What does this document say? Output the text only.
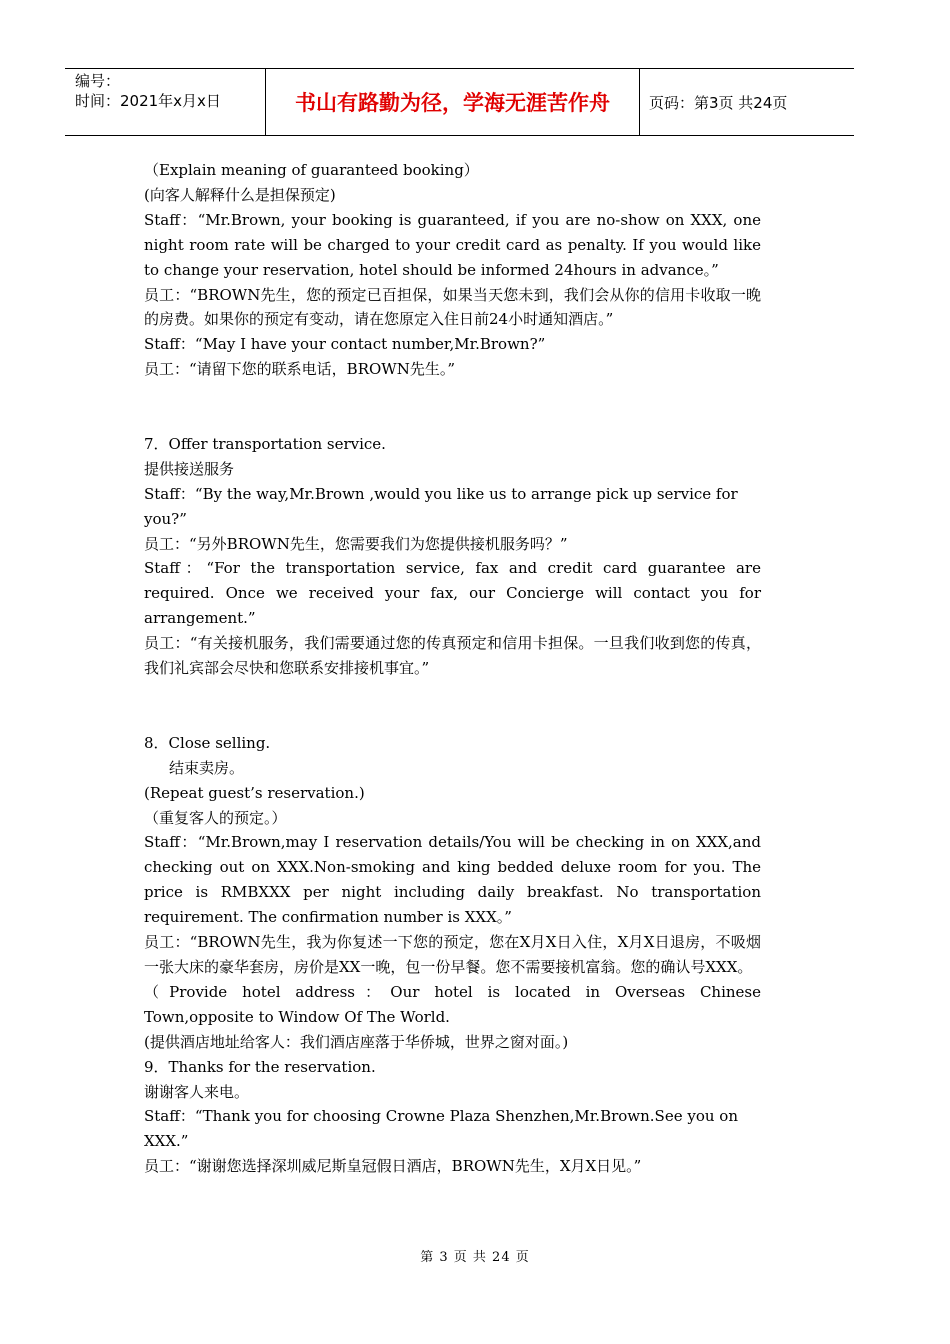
编号：
时间：2021年x月x日	书山有路勤为径，学海无涯苦作舟	页码：第3页 共24页

（Explain meaning of guaranteed booking）

(向客人解释什么是担保预定)

Staff：“Mr.Brown, your booking is guaranteed, if you are no-show on XXX, one night room rate will be charged to your credit card as penalty. If you would like to change your reservation, hotel should be informed 24hours in advance。”

员工：“BROWN先生，您的预定已百担保，如果当天您未到，我们会从你的信用卡收取一晚的房费。如果你的预定有变动，请在您原定入住日前24小时通知酒店。”

Staff：“May I have your contact number,Mr.Brown?”

员工：“请留下您的联系电话，BROWN先生。”

7．Offer transportation service.

提供接送服务

Staff：“By the way,Mr.Brown ,would you like us to arrange pick up service for you?”

员工：“另外BROWN先生，您需要我们为您提供接机服务吗？”

Staff：“For the transportation service, fax and credit card guarantee are required. Once we received your fax, our Concierge will contact you for arrangement.”

员工：“有关接机服务，我们需要通过您的传真预定和信用卡担保。一旦我们收到您的传真，我们礼宾部会尽快和您联系安排接机事宜。”

8．Close selling.

结束卖房。

(Repeat guest’s reservation.)

（重复客人的预定。）

Staff：“Mr.Brown,may I reservation details/You will be checking in on XXX,and checking out on XXX.Non-smoking and king bedded deluxe room for you. The price is RMBXXX per night including daily breakfast. No transportation requirement. The confirmation number is XXX。”

员工：“BROWN先生，我为你复述一下您的预定，您在X月X日入住，X月X日退房，不吸烟一张大床的豪华套房，房价是XX一晚，包一份早餐。您不需要接机富翁。您的确认号XXX。

（Provide hotel address：Our hotel is located in Overseas Chinese Town,opposite to Window Of The World.

(提供酒店地址给客人：我们酒店座落于华侨城，世界之窗对面。)

9．Thanks for the reservation.

谢谢客人来电。

Staff：“Thank you for choosing Crowne Plaza Shenzhen,Mr.Brown.See you on XXX.”

员工：“谢谢您选择深圳威尼斯皇冠假日酒店，BROWN先生，X月X日见。”

第 3 页 共 24 页
